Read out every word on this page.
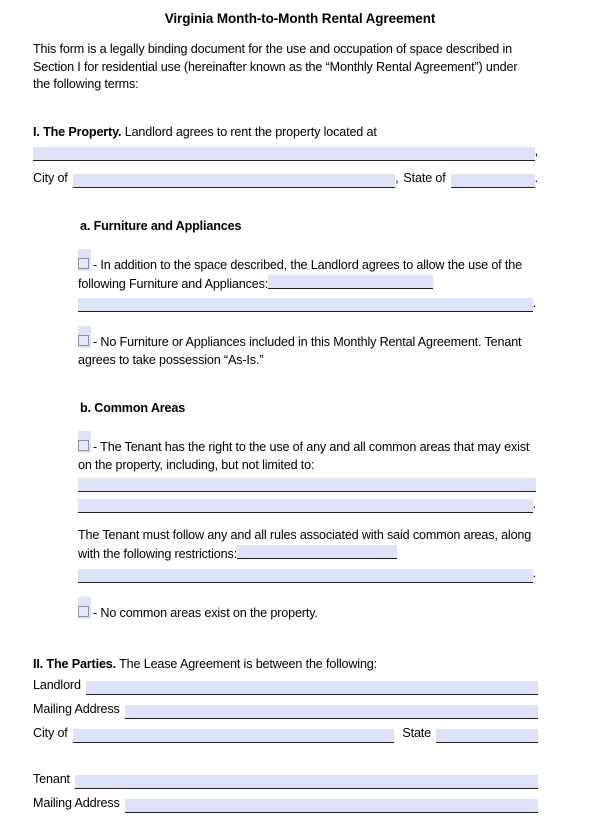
Virginia Month-to-Month Rental Agreement
This form is a legally binding document for the use and occupation of space described in Section I for residential use (hereinafter known as the “Monthly Rental Agreement”) under the following terms:
I. The Property. Landlord agrees to rent the property located at
,
City of	, State of	.
a. Furniture and Appliances
- In addition to the space described, the Landlord agrees to allow the use of the following Furniture and Appliances:
.
- No Furniture or Appliances included in this Monthly Rental Agreement. Tenant agrees to take possession “As-Is.”
b. Common Areas
- The Tenant has the right to the use of any and all common areas that may exist on the property, including, but not limited to:
.
The Tenant must follow any and all rules associated with said common areas, along with the following restrictions:
.
- No common areas exist on the property.
II. The Parties. The Lease Agreement is between the following:
Landlord
Mailing Address
City of	State
Tenant
Mailing Address
